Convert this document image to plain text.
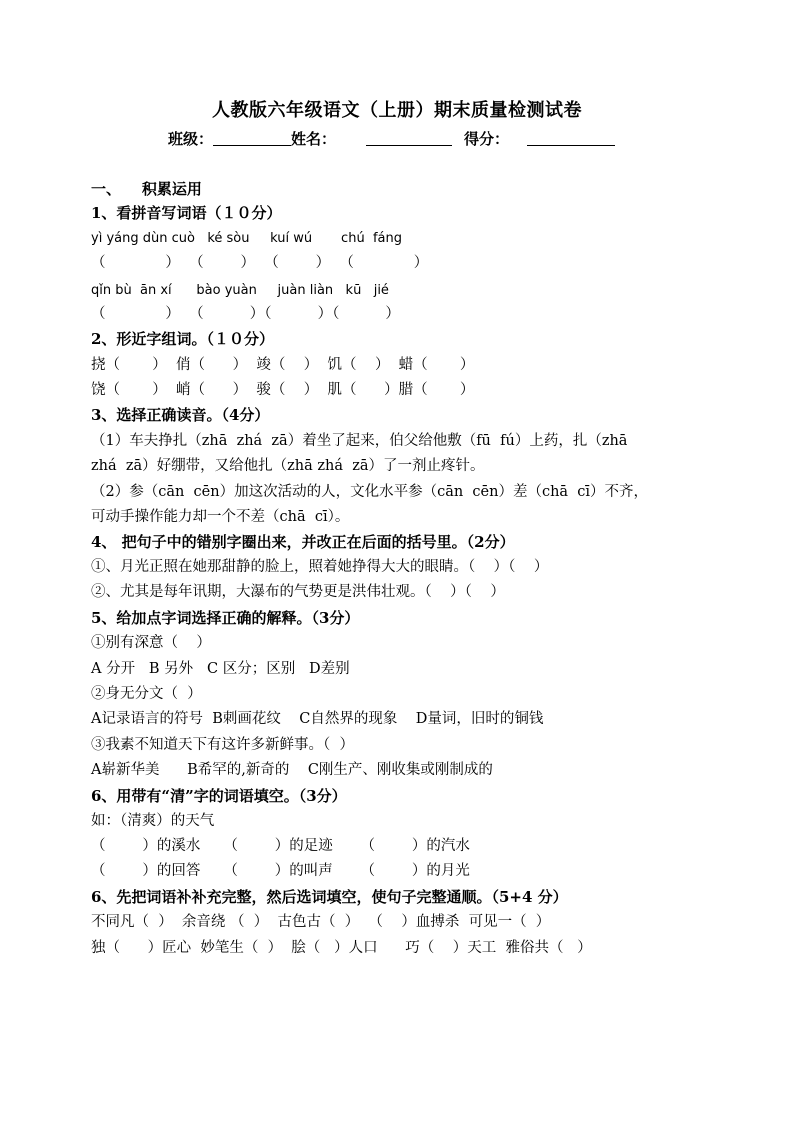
人教版六年级语文（上册）期末质量检测试卷
班级：	姓名：	得分：
一、    积累运用
1、看拼音写词语（１０分）
yì yáng dùn cuò   ké sòu     kuí wú       chú  fáng
（             ）  （        ）  （        ）  （             ）
qǐn bù  ān xí      bào yuàn     juàn liàn   kū   jié
（             ）  （          ）（          ）（          ）
2、形近字组词。（１０分）
挠（       ）  俏（      ）  竣（    ）  饥（    ）  蜡（       ）
饶（       ）  峭（      ）  骏（    ）  肌（      ）腊（       ）
3、选择正确读音。（4分）
（1）车夫挣扎（zhā  zhá  zā）着坐了起来，伯父给他敷（fū  fú）上药，扎（zhā
zhá  zā）好绷带，又给他扎（zhā zhá  zā）了一剂止疼针。
（2）参（cān  cēn）加这次活动的人，文化水平参（cān  cēn）差（chā  cī）不齐，
可动手操作能力却一个不差（chā  cī）。
4、 把句子中的错别字圈出来，并改正在后面的括号里。（2分）
①、月光正照在她那甜静的脸上，照着她挣得大大的眼睛。（    ）（    ）
②、尤其是每年讯期，大瀑布的气势更是洪伟壮观。（    ）（    ）
5、给加点字词选择正确的解释。（3分）
①别有深意（    ）
A 分开   B 另外   C 区分；区别   D差别
②身无分文（  ）
A记录语言的符号  B刺画花纹    C自然界的现象    D量词，旧时的铜钱
③我素不知道天下有这许多新鲜事。（  ）
A崭新华美      B希罕的,新奇的    C刚生产、刚收集或刚制成的
6、用带有“清”字的词语填空。（3分）
如：（清爽）的天气
（        ）的溪水     （        ）的足迹      （        ）的汽水
（        ）的回答     （        ）的叫声      （        ）的月光
6、先把词语补补充完整，然后选词填空，使句子完整通顺。（5+4 分）
不同凡（  ）  余音绕 （  ）  古色古（  ）  （    ）血搏杀  可见一（  ）
独（      ）匠心  妙笔生（  ）  脍（   ）人口      巧（    ）天工  雅俗共（   ）
